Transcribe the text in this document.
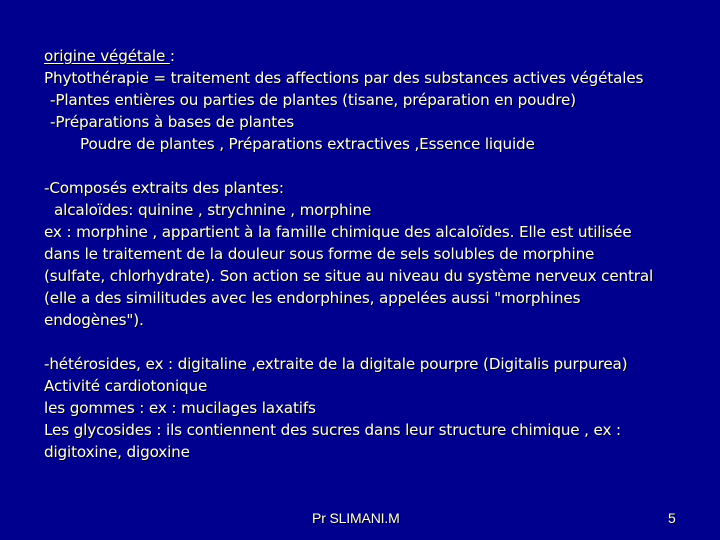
origine végétale :
Phytothérapie = traitement des affections par des substances actives végétales
-Plantes entières ou parties de plantes (tisane, préparation en poudre)
-Préparations à bases de plantes
Poudre de plantes , Préparations extractives ,Essence liquide
-Composés extraits des plantes:
alcaloïdes: quinine , strychnine , morphine
ex : morphine , appartient à la famille chimique des alcaloïdes. Elle est utilisée
dans le traitement de la douleur sous forme de sels solubles de morphine
(sulfate, chlorhydrate). Son action se situe au niveau du système nerveux central
(elle a des similitudes avec les endorphines, appelées aussi "morphines
endogènes").
-hétérosides, ex : digitaline ,extraite de la digitale pourpre (Digitalis purpurea)
Activité cardiotonique
les gommes : ex : mucilages laxatifs
Les glycosides : ils contiennent des sucres dans leur structure chimique , ex :
digitoxine, digoxine
Pr SLIMANI.M	5
